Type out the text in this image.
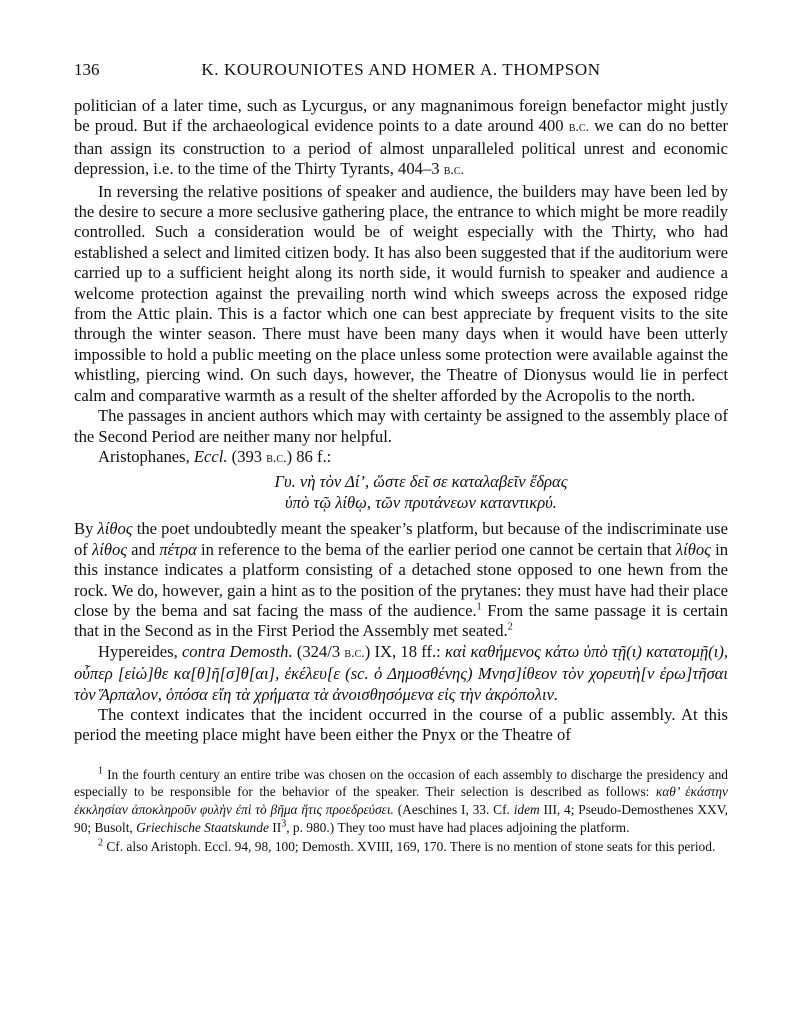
136	K. KOUROUNIOTES AND HOMER A. THOMPSON

politician of a later time, such as Lycurgus, or any magnanimous foreign benefactor might justly be proud. But if the archaeological evidence points to a date around 400 b.c. we can do no better than assign its construction to a period of almost unparalleled political unrest and economic depression, i.e. to the time of the Thirty Tyrants, 404–3 b.c.

In reversing the relative positions of speaker and audience, the builders may have been led by the desire to secure a more seclusive gathering place, the entrance to which might be more readily controlled. Such a consideration would be of weight especially with the Thirty, who had established a select and limited citizen body. It has also been suggested that if the auditorium were carried up to a sufficient height along its north side, it would furnish to speaker and audience a welcome protection against the prevailing north wind which sweeps across the exposed ridge from the Attic plain. This is a factor which one can best appreciate by frequent visits to the site through the winter season. There must have been many days when it would have been utterly impossible to hold a public meeting on the place unless some protection were available against the whistling, piercing wind. On such days, however, the Theatre of Dionysus would lie in perfect calm and comparative warmth as a result of the shelter afforded by the Acropolis to the north.

The passages in ancient authors which may with certainty be assigned to the assembly place of the Second Period are neither many nor helpful.

Aristophanes, Eccl. (393 b.c.) 86 f.:

Γυ. νὴ τὸν Δί’, ὥστε δεῖ σε καταλαβεῖν ἕδρας
ὑπὸ τῷ λίθῳ, τῶν πρυτάνεων καταντικρύ.

By λίθος the poet undoubtedly meant the speaker’s platform, but because of the indiscriminate use of λίθος and πέτρα in reference to the bema of the earlier period one cannot be certain that λίθος in this instance indicates a platform consisting of a detached stone opposed to one hewn from the rock. We do, however, gain a hint as to the position of the prytanes: they must have had their place close by the bema and sat facing the mass of the audience.$^1$ From the same passage it is certain that in the Second as in the First Period the Assembly met seated.$^2$

Hypereides, contra Demosth. (324/3 b.c.) IX, 18 ff.: καὶ καθήμενος κάτω ὑπὸ τῇ(ι) κατατομῇ(ι), οὗπερ [εἰώ]θε κα[θ]ῆ[σ]θ[αι], ἐκέλευ[ε (sc. ὁ Δημοσθένης) Μνησ]ίθεον τὸν χορευτὴ[ν ἐρω]τῆσαι τὸν Ἅρπαλον, ὁπόσα εἴη τὰ χρήματα τὰ ἀνοισθησόμενα εἰς τὴν ἀκρόπολιν.

The context indicates that the incident occurred in the course of a public assembly. At this period the meeting place might have been either the Pnyx or the Theatre of

$^1$ In the fourth century an entire tribe was chosen on the occasion of each assembly to discharge the presidency and especially to be responsible for the behavior of the speaker. Their selection is described as follows: καθ’ ἑκάστην ἐκκλησίαν ἀποκληροῦν φυλὴν ἐπὶ τὸ βῆμα ἥτις προεδρεύσει. (Aeschines I, 33. Cf. idem III, 4; Pseudo-Demosthenes XXV, 90; Busolt, Griechische Staatskunde $II^3$, p. 980.) They too must have had places adjoining the platform.

$^2$ Cf. also Aristoph. Eccl. 94, 98, 100; Demosth. XVIII, 169, 170. There is no mention of stone seats for this period.
